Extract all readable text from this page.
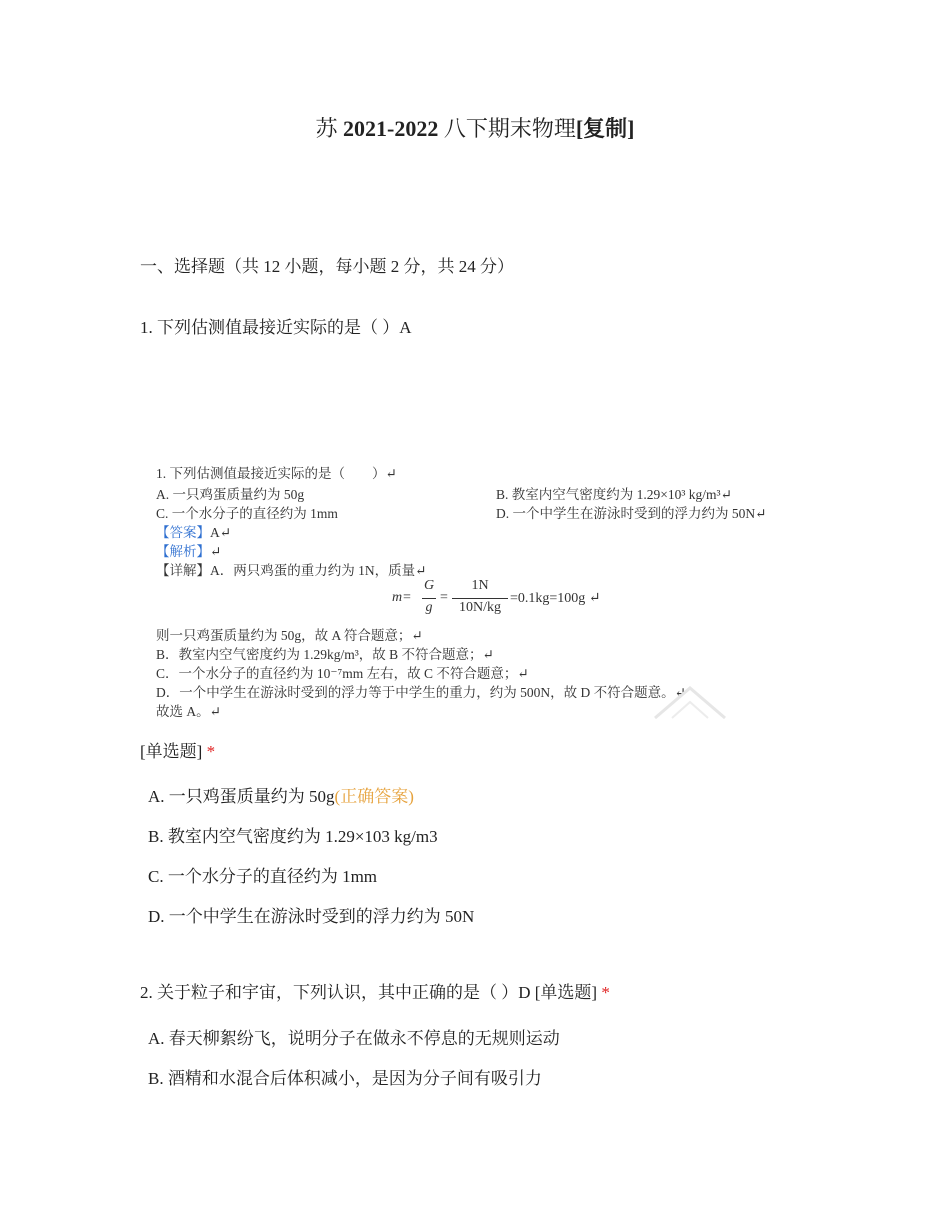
苏 2021-2022 八下期末物理[复制]
一、选择题（共 12 小题，每小题 2 分，共 24 分）
1. 下列估测值最接近实际的是（ ）A
1. 下列估测值最接近实际的是（　　）↵
A. 一只鸡蛋质量约为 50g	B. 教室内空气密度约为 1.29×10³ kg/m³↵
C. 一个水分子的直径约为 1mm	D. 一个中学生在游泳时受到的浮力约为 50N↵
【答案】A↵
【解析】↵
【详解】A．两只鸡蛋的重力约为 1N，质量↵
m=
G
g
=
1N
10N/kg
=0.1kg=100g ↵
则一只鸡蛋质量约为 50g，故 A 符合题意；↵
B．教室内空气密度约为 1.29kg/m³，故 B 不符合题意；↵
C．一个水分子的直径约为 10⁻⁷mm 左右，故 C 不符合题意；↵
D．一个中学生在游泳时受到的浮力等于中学生的重力，约为 500N，故 D 不符合题意。↵
故选 A。↵
[单选题] *
A. 一只鸡蛋质量约为 50g(正确答案)
B. 教室内空气密度约为 1.29×103 kg/m3
C. 一个水分子的直径约为 1mm
D. 一个中学生在游泳时受到的浮力约为 50N
2. 关于粒子和宇宙，下列认识，其中正确的是（ ）D [单选题] *
A. 春天柳絮纷飞，说明分子在做永不停息的无规则运动
B. 酒精和水混合后体积减小，是因为分子间有吸引力
